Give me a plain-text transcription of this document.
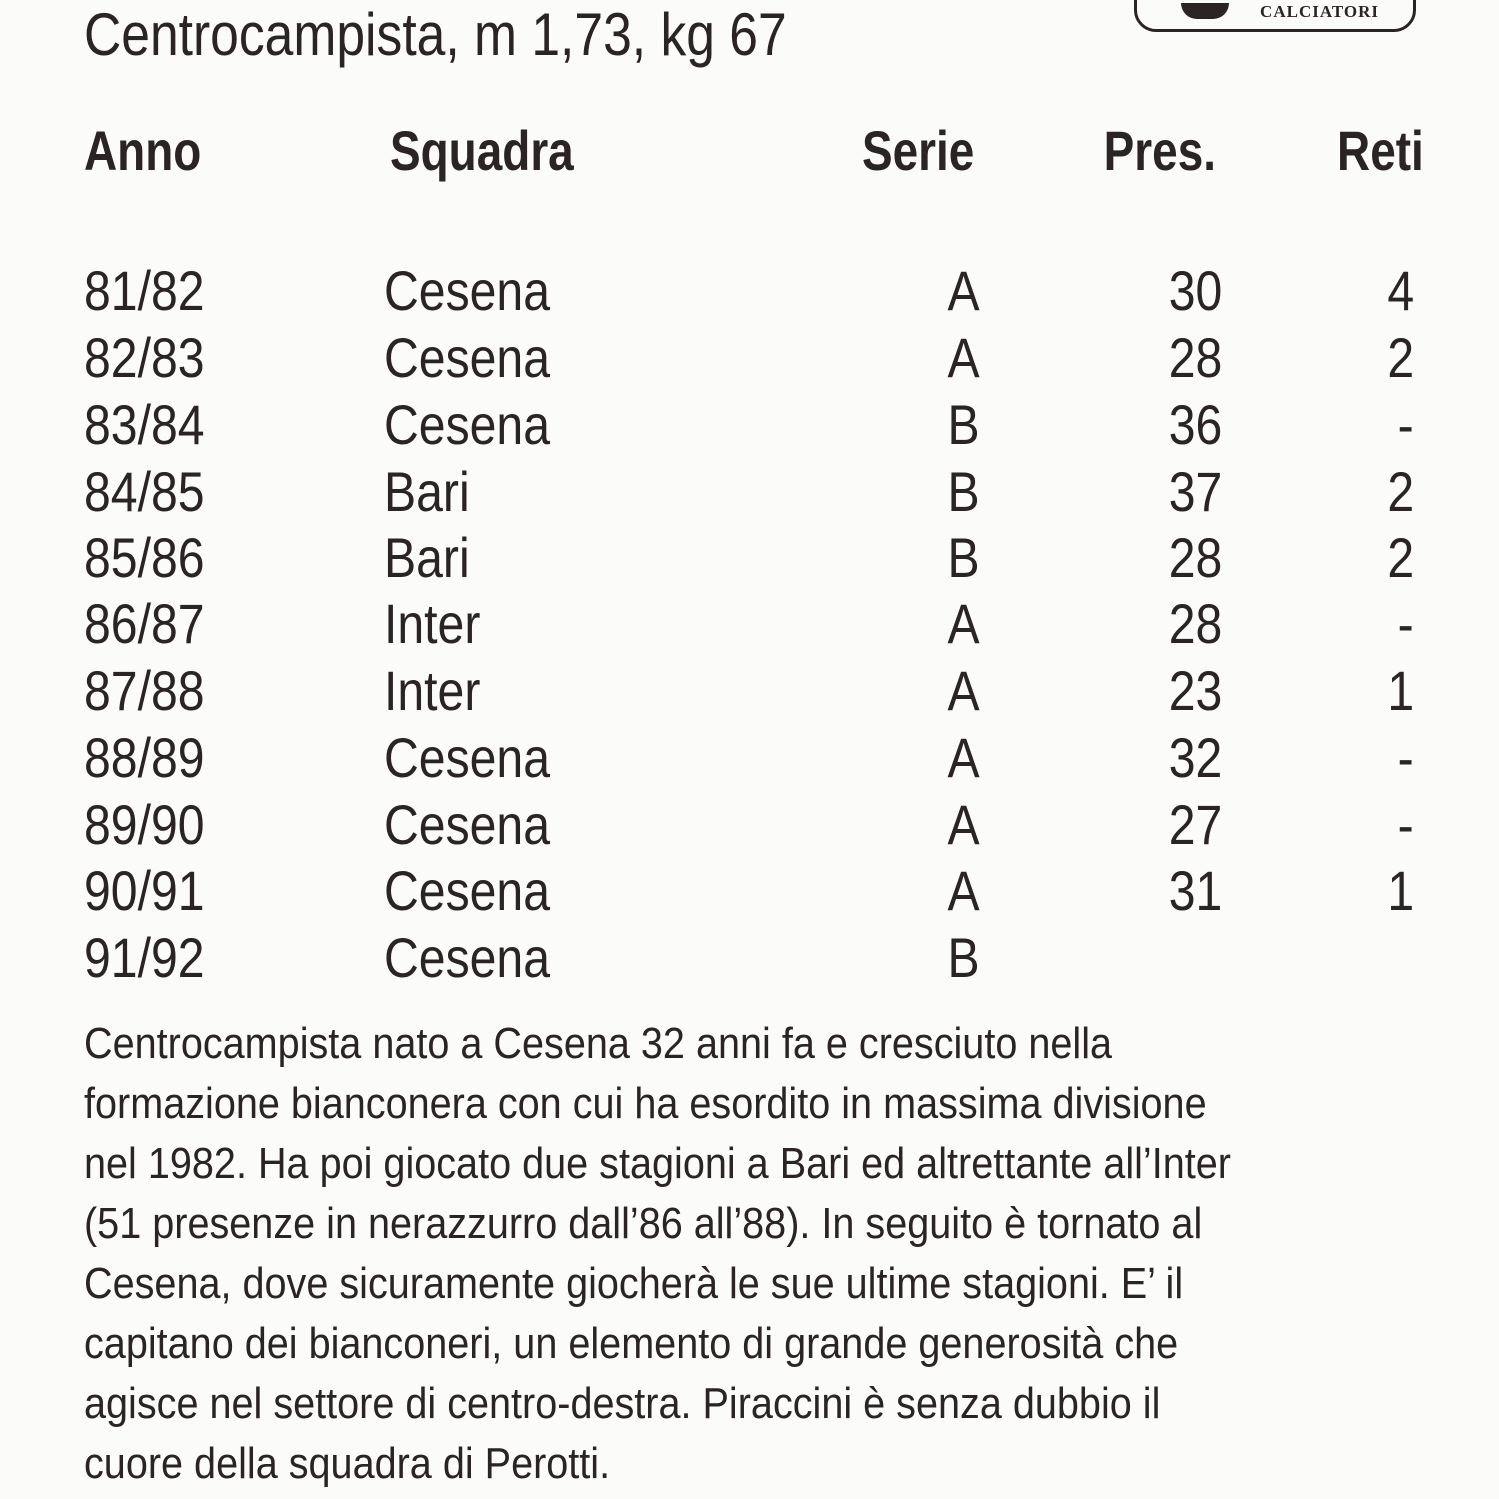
Centrocampista, m 1,73, kg 67	CALCIATORI
Anno	Squadra	Serie Pres. Reti
81/82	Cesena	A	30	4
82/83	Cesena	A	28	2
83/84	Cesena	B	36	-
84/85	Bari	B	37	2
85/86	Bari	B	28	2
86/87	Inter	A	28	-
87/88	Inter	A	23	1
88/89	Cesena	A	32	-
89/90	Cesena	A	27	-
90/91	Cesena	A	31	1
91/92	Cesena	B
Centrocampista nato a Cesena 32 anni fa e cresciuto nella
formazione bianconera con cui ha esordito in massima divisione
nel 1982. Ha poi giocato due stagioni a Bari ed altrettante all’Inter
(51 presenze in nerazzurro dall’86 all’88). In seguito è tornato al
Cesena, dove sicuramente giocherà le sue ultime stagioni. E’ il
capitano dei bianconeri, un elemento di grande generosità che
agisce nel settore di centro-destra. Piraccini è senza dubbio il
cuore della squadra di Perotti.
